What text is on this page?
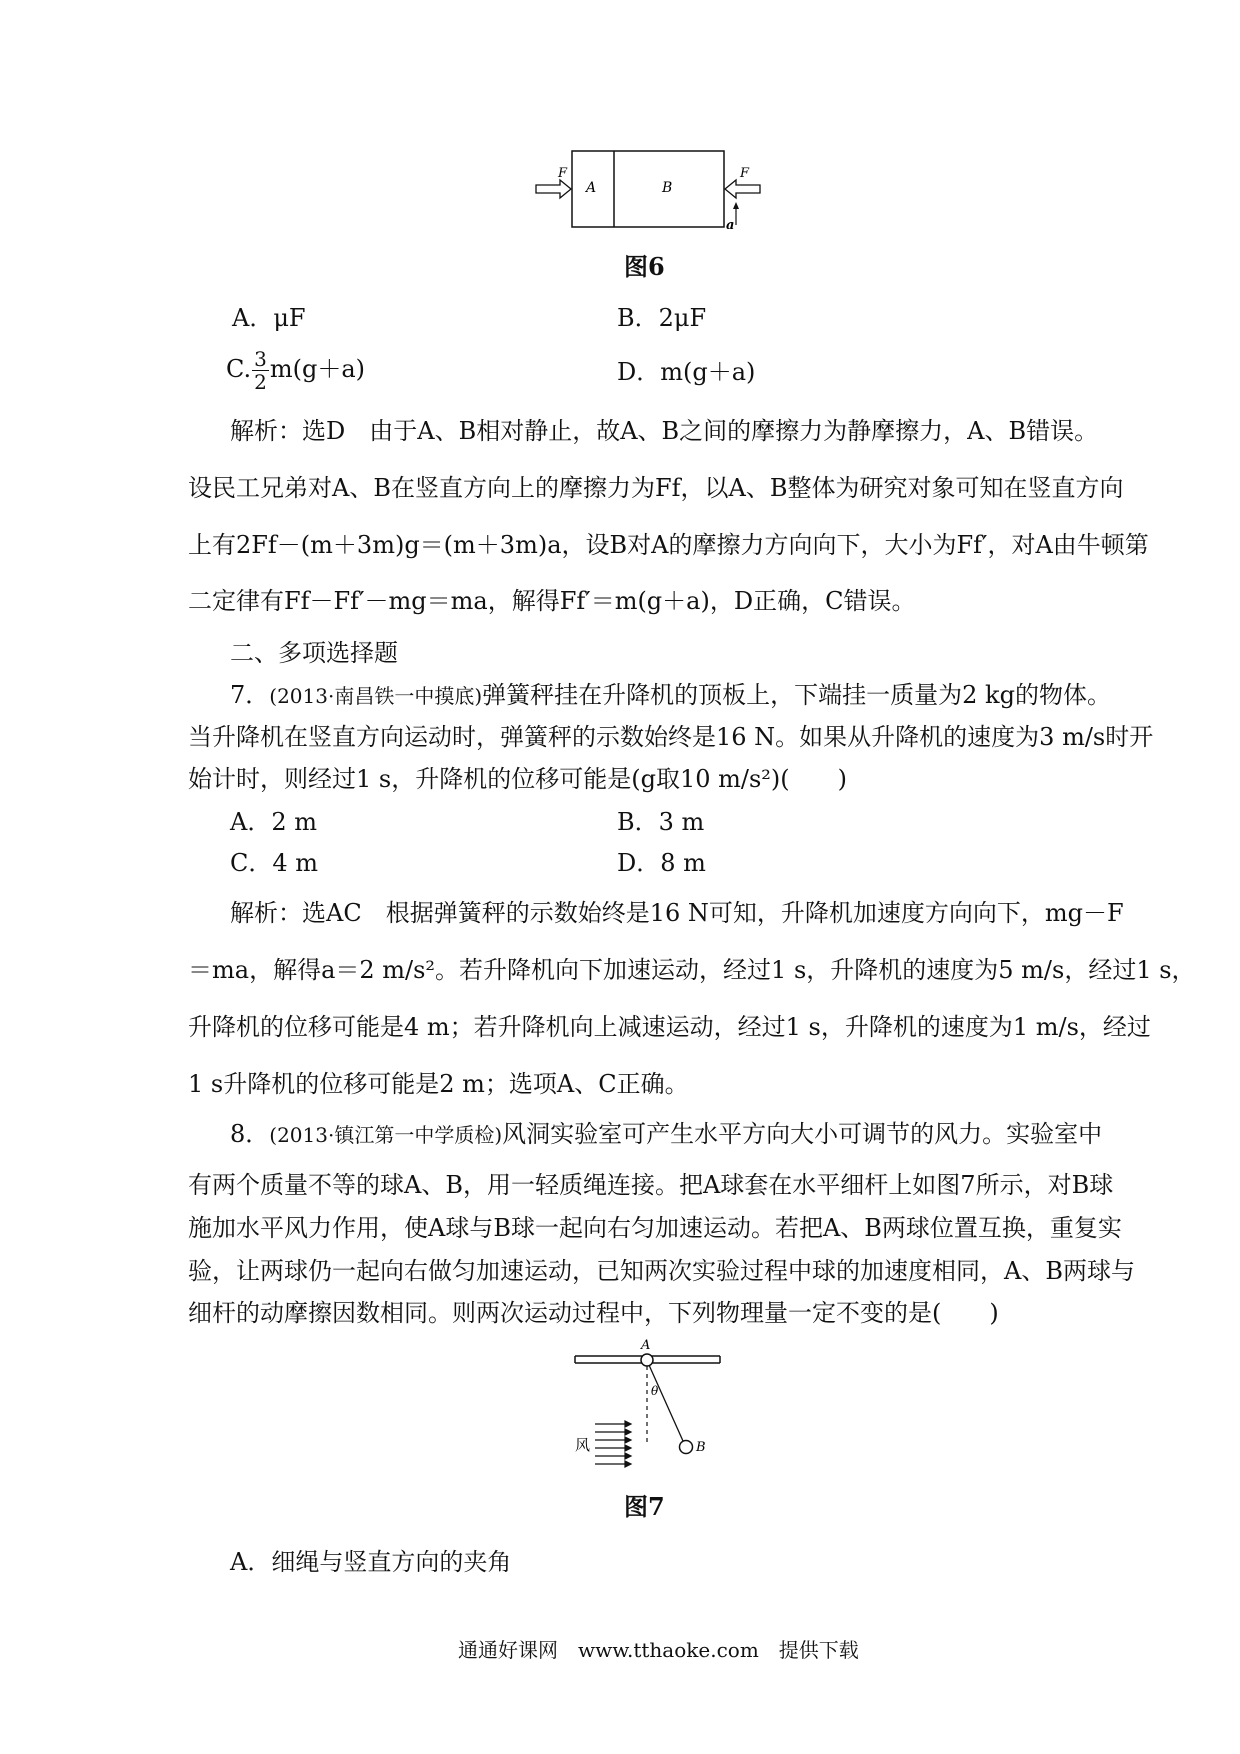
F
A	B
F
a
图6
A．μF	B．2μF
C. $\frac{3}{2} m(g+a)$	D．m(g＋a)
解析：选D　由于A、B相对静止，故A、B之间的摩擦力为静摩擦力，A、B错误。
设民工兄弟对A、B在竖直方向上的摩擦力为Ff，以A、B整体为研究对象可知在竖直方向
上有2Ff－(m＋3m)g＝(m＋3m)a，设B对A的摩擦力方向向下，大小为Ff′，对A由牛顿第
二定律有Ff－Ff′－mg＝ma，解得Ff′＝m(g＋a)，D正确，C错误。
二、多项选择题
7．(2013·南昌铁一中摸底)弹簧秤挂在升降机的顶板上，下端挂一质量为2 kg的物体。
当升降机在竖直方向运动时，弹簧秤的示数始终是16 N。如果从升降机的速度为3 m/s时开
始计时，则经过1 s，升降机的位移可能是(g取10 m/s²)(　　)
A．2 m	B．3 m
C．4 m	D．8 m
解析：选AC　根据弹簧秤的示数始终是16 N可知，升降机加速度方向向下，mg－F
＝ma，解得a＝2 m/s²。若升降机向下加速运动，经过1 s，升降机的速度为5 m/s，经过1 s，
升降机的位移可能是4 m；若升降机向上减速运动，经过1 s，升降机的速度为1 m/s，经过
1 s升降机的位移可能是2 m；选项A、C正确。
8．(2013·镇江第一中学质检)风洞实验室可产生水平方向大小可调节的风力。实验室中
有两个质量不等的球A、B，用一轻质绳连接。把A球套在水平细杆上如图7所示，对B球
施加水平风力作用，使A球与B球一起向右匀加速运动。若把A、B两球位置互换，重复实
验，让两球仍一起向右做匀加速运动，已知两次实验过程中球的加速度相同，A、B两球与
细杆的动摩擦因数相同。则两次运动过程中，下列物理量一定不变的是(　　)
A
θ
风	B
图7
A．细绳与竖直方向的夹角
通通好课网　www.tthaoke.com　提供下载
